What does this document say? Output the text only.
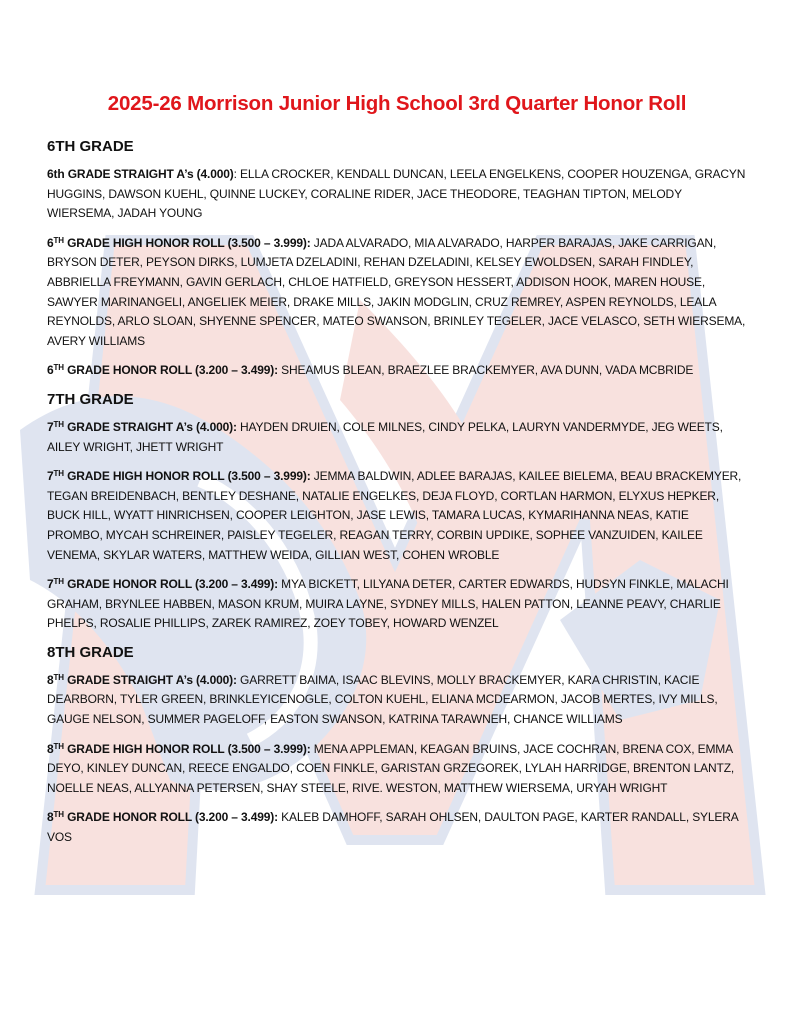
2025-26 Morrison Junior High School 3rd Quarter Honor Roll
6TH GRADE

6th GRADE STRAIGHT A’s (4.000): ELLA CROCKER, KENDALL DUNCAN, LEELA ENGELKENS, COOPER HOUZENGA, GRACYN HUGGINS, DAWSON KUEHL, QUINNE LUCKEY, CORALINE RIDER, JACE THEODORE, TEAGHAN TIPTON, MELODY WIERSEMA, JADAH YOUNG

6TH GRADE HIGH HONOR ROLL (3.500 – 3.999): JADA ALVARADO, MIA ALVARADO, HARPER BARAJAS, JAKE CARRIGAN, BRYSON DETER, PEYSON DIRKS, LUMJETA DZELADINI, REHAN DZELADINI, KELSEY EWOLDSEN, SARAH FINDLEY, ABBRIELLA FREYMANN, GAVIN GERLACH, CHLOE HATFIELD, GREYSON HESSERT, ADDISON HOOK, MAREN HOUSE, SAWYER MARINANGELI, ANGELIEK MEIER, DRAKE MILLS, JAKIN MODGLIN, CRUZ REMREY, ASPEN REYNOLDS, LEALA REYNOLDS, ARLO SLOAN, SHYENNE SPENCER, MATEO SWANSON, BRINLEY TEGELER, JACE VELASCO, SETH WIERSEMA, AVERY WILLIAMS

6TH GRADE HONOR ROLL (3.200 – 3.499): SHEAMUS BLEAN, BRAEZLEE BRACKEMYER, AVA DUNN, VADA MCBRIDE

7TH GRADE

7TH GRADE STRAIGHT A’s (4.000): HAYDEN DRUIEN, COLE MILNES, CINDY PELKA, LAURYN VANDERMYDE, JEG WEETS, AILEY WRIGHT, JHETT WRIGHT

7TH GRADE HIGH HONOR ROLL (3.500 – 3.999): JEMMA BALDWIN, ADLEE BARAJAS, KAILEE BIELEMA, BEAU BRACKEMYER, TEGAN BREIDENBACH, BENTLEY DESHANE, NATALIE ENGELKES, DEJA FLOYD, CORTLAN HARMON, ELYXUS HEPKER, BUCK HILL, WYATT HINRICHSEN, COOPER LEIGHTON, JASE LEWIS, TAMARA LUCAS, KYMARIHANNA NEAS, KATIE PROMBO, MYCAH SCHREINER, PAISLEY TEGELER, REAGAN TERRY, CORBIN UPDIKE, SOPHEE VANZUIDEN, KAILEE VENEMA, SKYLAR WATERS, MATTHEW WEIDA, GILLIAN WEST, COHEN WROBLE

7TH GRADE HONOR ROLL (3.200 – 3.499): MYA BICKETT, LILYANA DETER, CARTER EDWARDS, HUDSYN FINKLE, MALACHI GRAHAM, BRYNLEE HABBEN, MASON KRUM, MUIRA LAYNE, SYDNEY MILLS, HALEN PATTON, LEANNE PEAVY, CHARLIE PHELPS, ROSALIE PHILLIPS, ZAREK RAMIREZ, ZOEY TOBEY, HOWARD WENZEL

8TH GRADE

8TH GRADE STRAIGHT A’s (4.000): GARRETT BAIMA, ISAAC BLEVINS, MOLLY BRACKEMYER, KARA CHRISTIN, KACIE DEARBORN, TYLER GREEN, BRINKLEYICENOGLE, COLTON KUEHL, ELIANA MCDEARMON, JACOB MERTES, IVY MILLS, GAUGE NELSON, SUMMER PAGELOFF, EASTON SWANSON, KATRINA TARAWNEH, CHANCE WILLIAMS

8TH GRADE HIGH HONOR ROLL (3.500 – 3.999): MENA APPLEMAN, KEAGAN BRUINS, JACE COCHRAN, BRENA COX, EMMA DEYO, KINLEY DUNCAN, REECE ENGALDO, COEN FINKLE, GARISTAN GRZEGOREK, LYLAH HARRIDGE, BRENTON LANTZ, NOELLE NEAS, ALLYANNA PETERSEN, SHAY STEELE, RIVE. WESTON, MATTHEW WIERSEMA, URYAH WRIGHT

8TH GRADE HONOR ROLL (3.200 – 3.499): KALEB DAMHOFF, SARAH OHLSEN, DAULTON PAGE, KARTER RANDALL, SYLERA VOS
